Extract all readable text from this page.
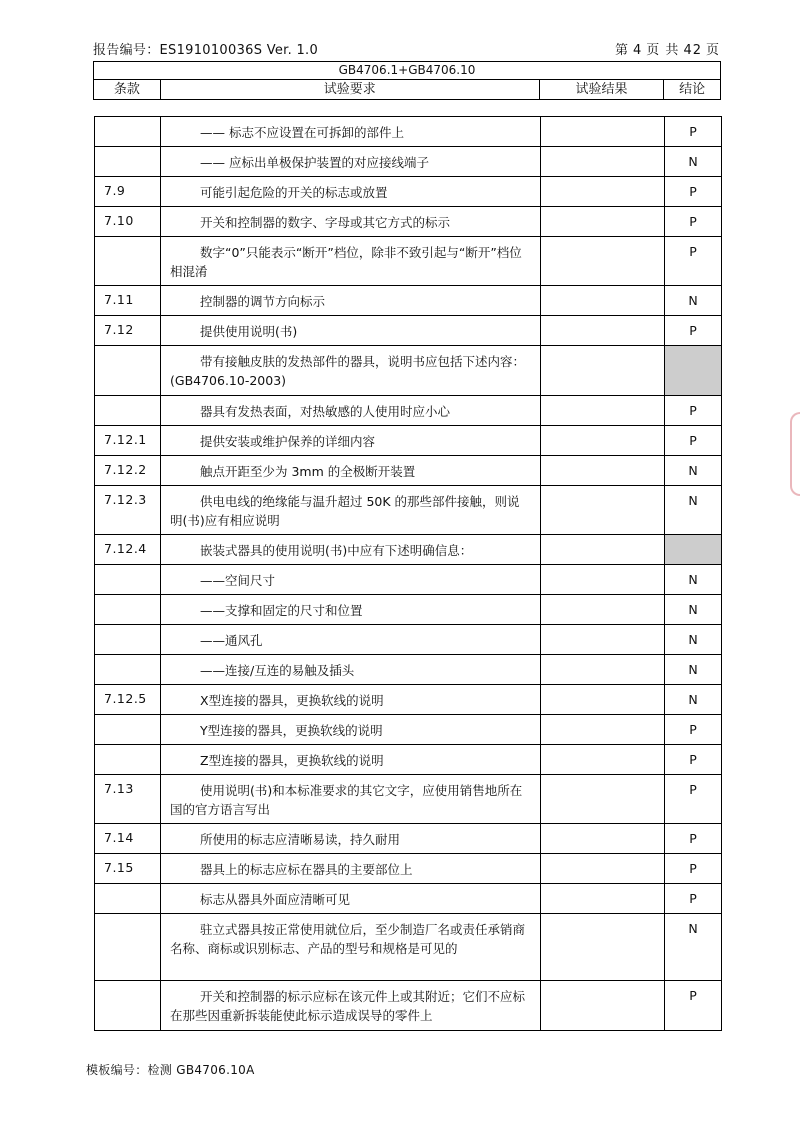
报告编号：ES191010036S Ver. 1.0	第 4 页 共 42 页
GB4706.1+GB4706.10
条款	试验要求	试验结果	结论
	—— 标志不应设置在可拆卸的部件上		P
	—— 应标出单极保护装置的对应接线端子		N
7.9	可能引起危险的开关的标志或放置		P
7.10	开关和控制器的数字、字母或其它方式的标示		P

	数字“0”只能表示“断开”档位，除非不致引起与“断开”档位相混淆		P
7.11	控制器的调节方向标示		N
7.12	提供使用说明(书)		P

	带有接触皮肤的发热部件的器具，说明书应包括下述内容：(GB4706.10-2003)		

	器具有发热表面，对热敏感的人使用时应小心		P
7.12.1	提供安装或维护保养的详细内容		P
7.12.2	触点开距至少为 3mm 的全极断开装置		N
7.12.3	供电电线的绝缘能与温升超过 50K 的那些部件接触，则说明(书)应有相应说明		N
7.12.4	嵌装式器具的使用说明(书)中应有下述明确信息：		
	——空间尺寸		N
	——支撑和固定的尺寸和位置		N
	——通风孔		N
	——连接/互连的易触及插头		N
7.12.5	X型连接的器具，更换软线的说明		N
	Y型连接的器具，更换软线的说明		P
	Z型连接的器具，更换软线的说明		P
7.13	使用说明(书)和本标准要求的其它文字，应使用销售地所在国的官方语言写出		P
7.14	所使用的标志应清晰易读，持久耐用		P
7.15	器具上的标志应标在器具的主要部位上		P
	标志从器具外面应清晰可见		P

	驻立式器具按正常使用就位后，至少制造厂名或责任承销商名称、商标或识别标志、产品的型号和规格是可见的		N

	开关和控制器的标示应标在该元件上或其附近；它们不应标在那些因重新拆装能使此标示造成误导的零件上		P
模板编号：检测 GB4706.10A
